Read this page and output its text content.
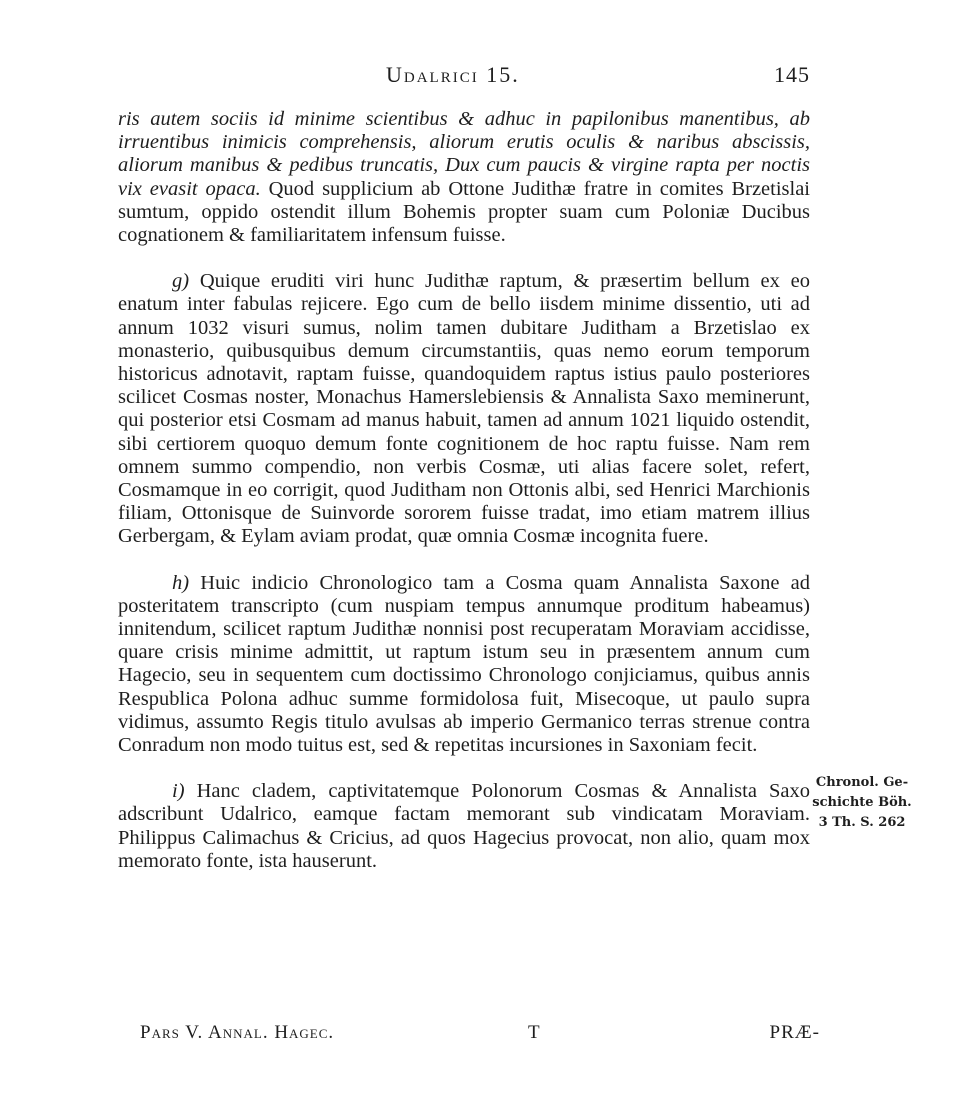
Udalrici 15.	145

ris autem sociis id minime scientibus & adhuc in papilonibus manentibus, ab irruentibus inimicis comprehensis, aliorum erutis oculis & naribus abscissis, aliorum manibus & pedibus truncatis, Dux cum paucis & virgine rapta per noctis vix evasit opaca. Quod supplicium ab Ottone Judithæ fratre in comites Brzetislai sumtum, oppido ostendit illum Bohemis propter suam cum Poloniæ Ducibus cognationem & familiaritatem infensum fuisse.

g) Quique eruditi viri hunc Judithæ raptum, & præsertim bellum ex eo enatum inter fabulas rejicere. Ego cum de bello iisdem minime dissentio, uti ad annum 1032 visuri sumus, nolim tamen dubitare Juditham a Brzetislao ex monasterio, quibusquibus demum circumstantiis, quas nemo eorum temporum historicus adnotavit, raptam fuisse, quandoquidem raptus istius paulo posteriores scilicet Cosmas noster, Monachus Hamerslebiensis & Annalista Saxo meminerunt, qui posterior etsi Cosmam ad manus habuit, tamen ad annum 1021 liquido ostendit, sibi certiorem quoquo demum fonte cognitionem de hoc raptu fuisse. Nam rem omnem summo compendio, non verbis Cosmæ, uti alias facere solet, refert, Cosmamque in eo corrigit, quod Juditham non Ottonis albi, sed Henrici Marchionis filiam, Ottonisque de Suinvorde sororem fuisse tradat, imo etiam matrem illius Gerbergam, & Eylam aviam prodat, quæ omnia Cosmæ incognita fuere.

h) Huic indicio Chronologico tam a Cosma quam Annalista Saxone ad posteritatem transcripto (cum nuspiam tempus annumque proditum habeamus) innitendum, scilicet raptum Judithæ nonnisi post recuperatam Moraviam accidisse, quare crisis minime admittit, ut raptum istum seu in præsentem annum cum Hagecio, seu in sequentem cum doctissimo Chronologo conjiciamus, quibus annis Respublica Polona adhuc summe formidolosa fuit, Misecoque, ut paulo supra vidimus, assumto Regis titulo avulsas ab imperio Germanico terras strenue contra Conradum non modo tuitus est, sed & repetitas incursiones in Saxoniam fecit.

i) Hanc cladem, captivitatemque Polonorum Cosmas & Annalista Saxo adscribunt Udalrico, eamque factam memorant sub vindicatam Moraviam. Philippus Calimachus & Cricius, ad quos Hagecius provocat, non alio, quam mox memorato fonte, ista hauserunt.

Chronol. Ge-
schichte Böh.
3 Th. S. 262
Pars V. Annal. Hagec.	T	PRÆ-
